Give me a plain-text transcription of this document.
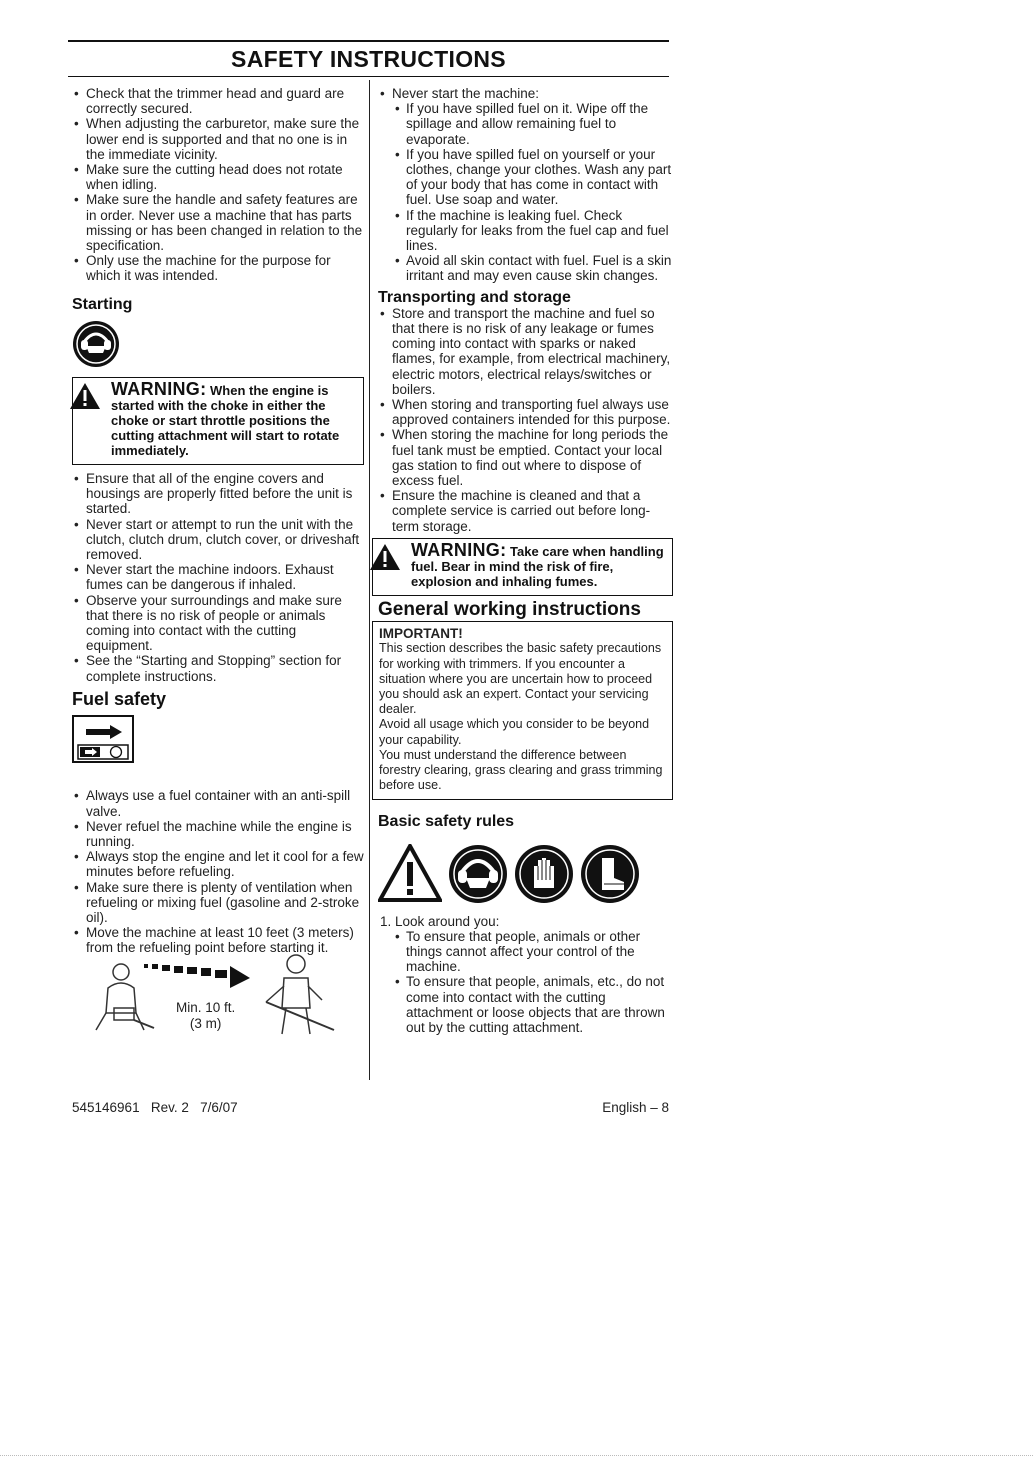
SAFETY INSTRUCTIONS
• Check that the trimmer head and guard are correctly secured.
• When adjusting the carburetor, make sure the lower end is supported and that no one is in the immediate vicinity.
• Make sure the cutting head does not rotate when idling.
• Make sure the handle and safety features are in order. Never use a machine that has parts missing or has been changed in relation to the specification.
• Only use the machine for the purpose for which it was intended.
Starting
WARNING: When the engine is started with the choke in either the choke or start throttle positions the cutting attachment will start to rotate immediately.
• Ensure that all of the engine covers and housings are properly fitted before the unit is started.
• Never start or attempt to run the unit with the clutch, clutch drum, clutch cover, or driveshaft removed.
• Never start the machine indoors. Exhaust fumes can be dangerous if inhaled.
• Observe your surroundings and make sure that there is no risk of people or animals coming into contact with the cutting equipment.
• See the “Starting and Stopping” section for complete instructions.
Fuel safety
• Always use a fuel container with an anti-spill valve.
• Never refuel the machine while the engine is running.
• Always stop the engine and let it cool for a few minutes before refueling.
• Make sure there is plenty of ventilation when refueling or mixing fuel (gasoline and 2-stroke oil).
• Move the machine at least 10 feet (3 meters) from the refueling point before starting it.
Min. 10 ft.
(3 m)
• Never start the machine:
• If you have spilled fuel on it. Wipe off the spillage and allow remaining fuel to evaporate.
• If you have spilled fuel on yourself or your clothes, change your clothes. Wash any part of your body that has come in contact with fuel. Use soap and water.
• If the machine is leaking fuel. Check regularly for leaks from the fuel cap and fuel lines.
• Avoid all skin contact with fuel. Fuel is a skin irritant and may even cause skin changes.
Transporting and storage
• Store and transport the machine and fuel so that there is no risk of any leakage or fumes coming into contact with sparks or naked flames, for example, from electrical machinery, electric motors, electrical relays/switches or boilers.
• When storing and transporting fuel always use approved containers intended for this purpose.
• When storing the machine for long periods the fuel tank must be emptied. Contact your local gas station to find out where to dispose of excess fuel.
• Ensure the machine is cleaned and that a complete service is carried out before long-term storage.
WARNING: Take care when handling fuel. Bear in mind the risk of fire, explosion and inhaling fumes.
General working instructions

IMPORTANT!

This section describes the basic safety precautions for working with trimmers. If you encounter a situation where you are uncertain how to proceed you should ask an expert. Contact your servicing dealer.

Avoid all usage which you consider to be beyond your capability.

You must understand the difference between forestry clearing, grass clearing and grass trimming before use.

Basic safety rules
1. Look around you:
• To ensure that people, animals or other things cannot affect your control of the machine.
• To ensure that people, animals, etc., do not come into contact with the cutting attachment or loose objects that are thrown out by the cutting attachment.
545146961   Rev. 2   7/6/07	English – 8
